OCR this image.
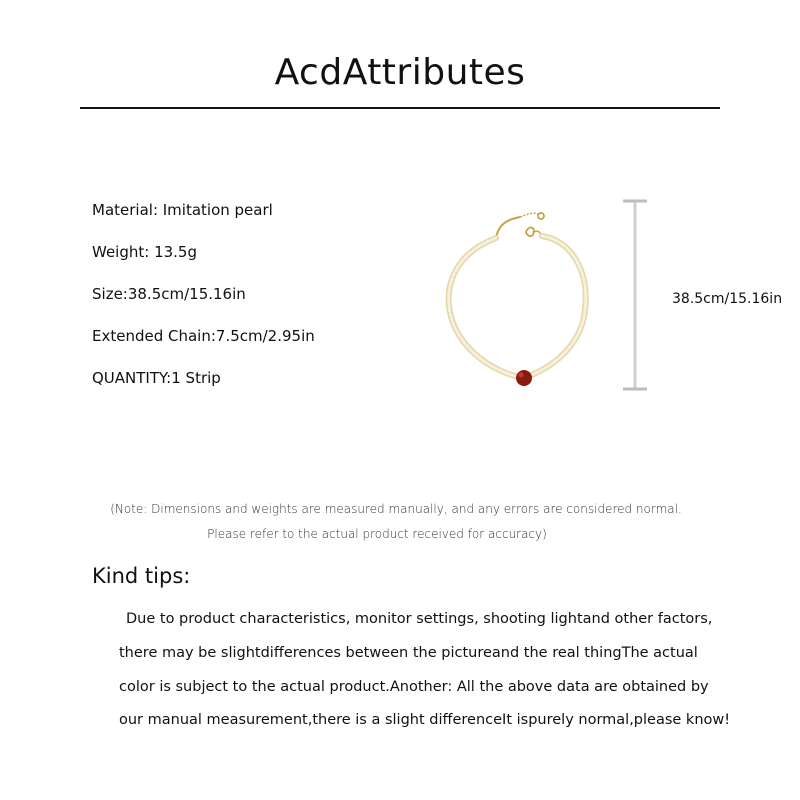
AcdAttributes
Material: Imitation pearl
Weight: 13.5g
Size:38.5cm/15.16in
Extended Chain:7.5cm/2.95in
QUANTITY:1 Strip
38.5cm/15.16in
(Note: Dimensions and weights are measured manually, and any errors are considered normal.
Please refer to the actual product received for accuracy)
Kind tips:
Due to product characteristics, monitor settings, shooting lightand other factors,
there may be slightdifferences between the pictureand the real thingThe actual
color is subject to the actual product.Another: All the above data are obtained by
our manual measurement,there is a slight differenceIt ispurely normal,please know!
